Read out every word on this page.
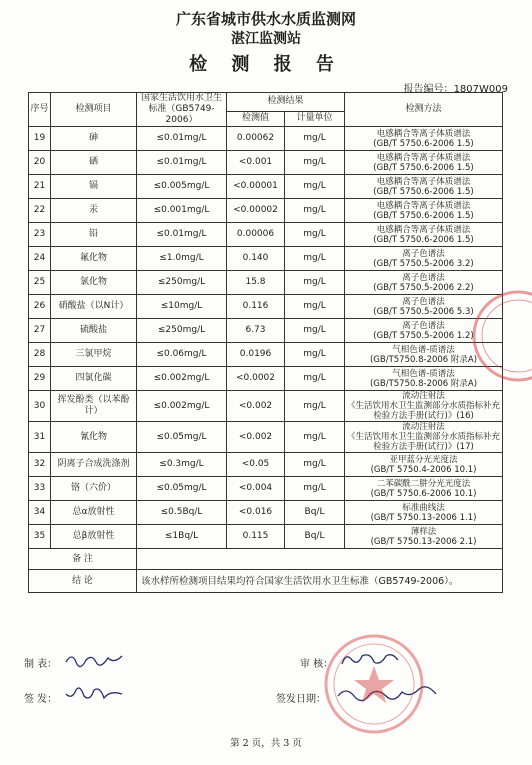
广东省城市供水水质监测网
湛江监测站
检 测 报 告
报告编号：1807W009
序号	检测项目	国家生活饮用水卫生标准（GB5749-2006）	检测结果		检测方法
			检测值	计量单位	
19	砷	≤0.01mg/L	0.00062	mg/L	电感耦合等离子体质谱法
(GB/T 5750.6-2006 1.5)

20	硒	≤0.01mg/L	<0.001	mg/L	电感耦合等离子体质谱法
(GB/T 5750.6-2006 1.5)

21	镉	≤0.005mg/L	<0.00001	mg/L	电感耦合等离子体质谱法
(GB/T 5750.6-2006 1.5)

22	汞	≤0.001mg/L	<0.00002	mg/L	电感耦合等离子体质谱法
(GB/T 5750.6-2006 1.5)

23	铅	≤0.01mg/L	0.00006	mg/L	电感耦合等离子体质谱法
(GB/T 5750.6-2006 1.5)

24	氟化物	≤1.0mg/L	0.140	mg/L	离子色谱法
(GB/T 5750.5-2006 3.2)

25	氯化物	≤250mg/L	15.8	mg/L	离子色谱法
(GB/T 5750.5-2006 2.2)

26	硝酸盐（以N计）	≤10mg/L	0.116	mg/L	离子色谱法
(GB/T 5750.5-2006 5.3)

27	硫酸盐	≤250mg/L	6.73	mg/L	离子色谱法
(GB/T 5750.5-2006 1.2)

28	三氯甲烷	≤0.06mg/L	0.0196	mg/L	气相色谱-质谱法
(GB/T5750.8-2006 附录A)

29	四氯化碳	≤0.002mg/L	<0.0002	mg/L	气相色谱-质谱法
(GB/T5750.8-2006 附录A)

30	挥发酚类（以苯酚计）	≤0.002mg/L	<0.002	mg/L	流动注射法
《生活饮用水卫生监测部分水质指标补充检验方法手册(试行)》(16)

31	氰化物	≤0.05mg/L	<0.002	mg/L	流动注射法
《生活饮用水卫生监测部分水质指标补充检验方法手册(试行)》(17)

32	阴离子合成洗涤剂	≤0.3mg/L	<0.05	mg/L	亚甲蓝分光光度法
(GB/T 5750.4-2006 10.1)

33	铬（六价）	≤0.05mg/L	<0.004	mg/L	二苯碳酰二肼分光光度法
(GB/T 5750.6-2006 10.1)

34	总α放射性	≤0.5Bq/L	<0.016	Bq/L	标准曲线法
(GB/T 5750.13-2006 1.1)

35	总β放射性	≤1Bq/L	0.115	Bq/L	薄样法
(GB/T 5750.13-2006 2.1)

备 注					
结 论		该水样所检测项目结果均符合国家生活饮用水卫生标准（GB5749-2006）。			
制 表：	审 核：
签 发：	签发日期：
第 2 页，共 3 页
